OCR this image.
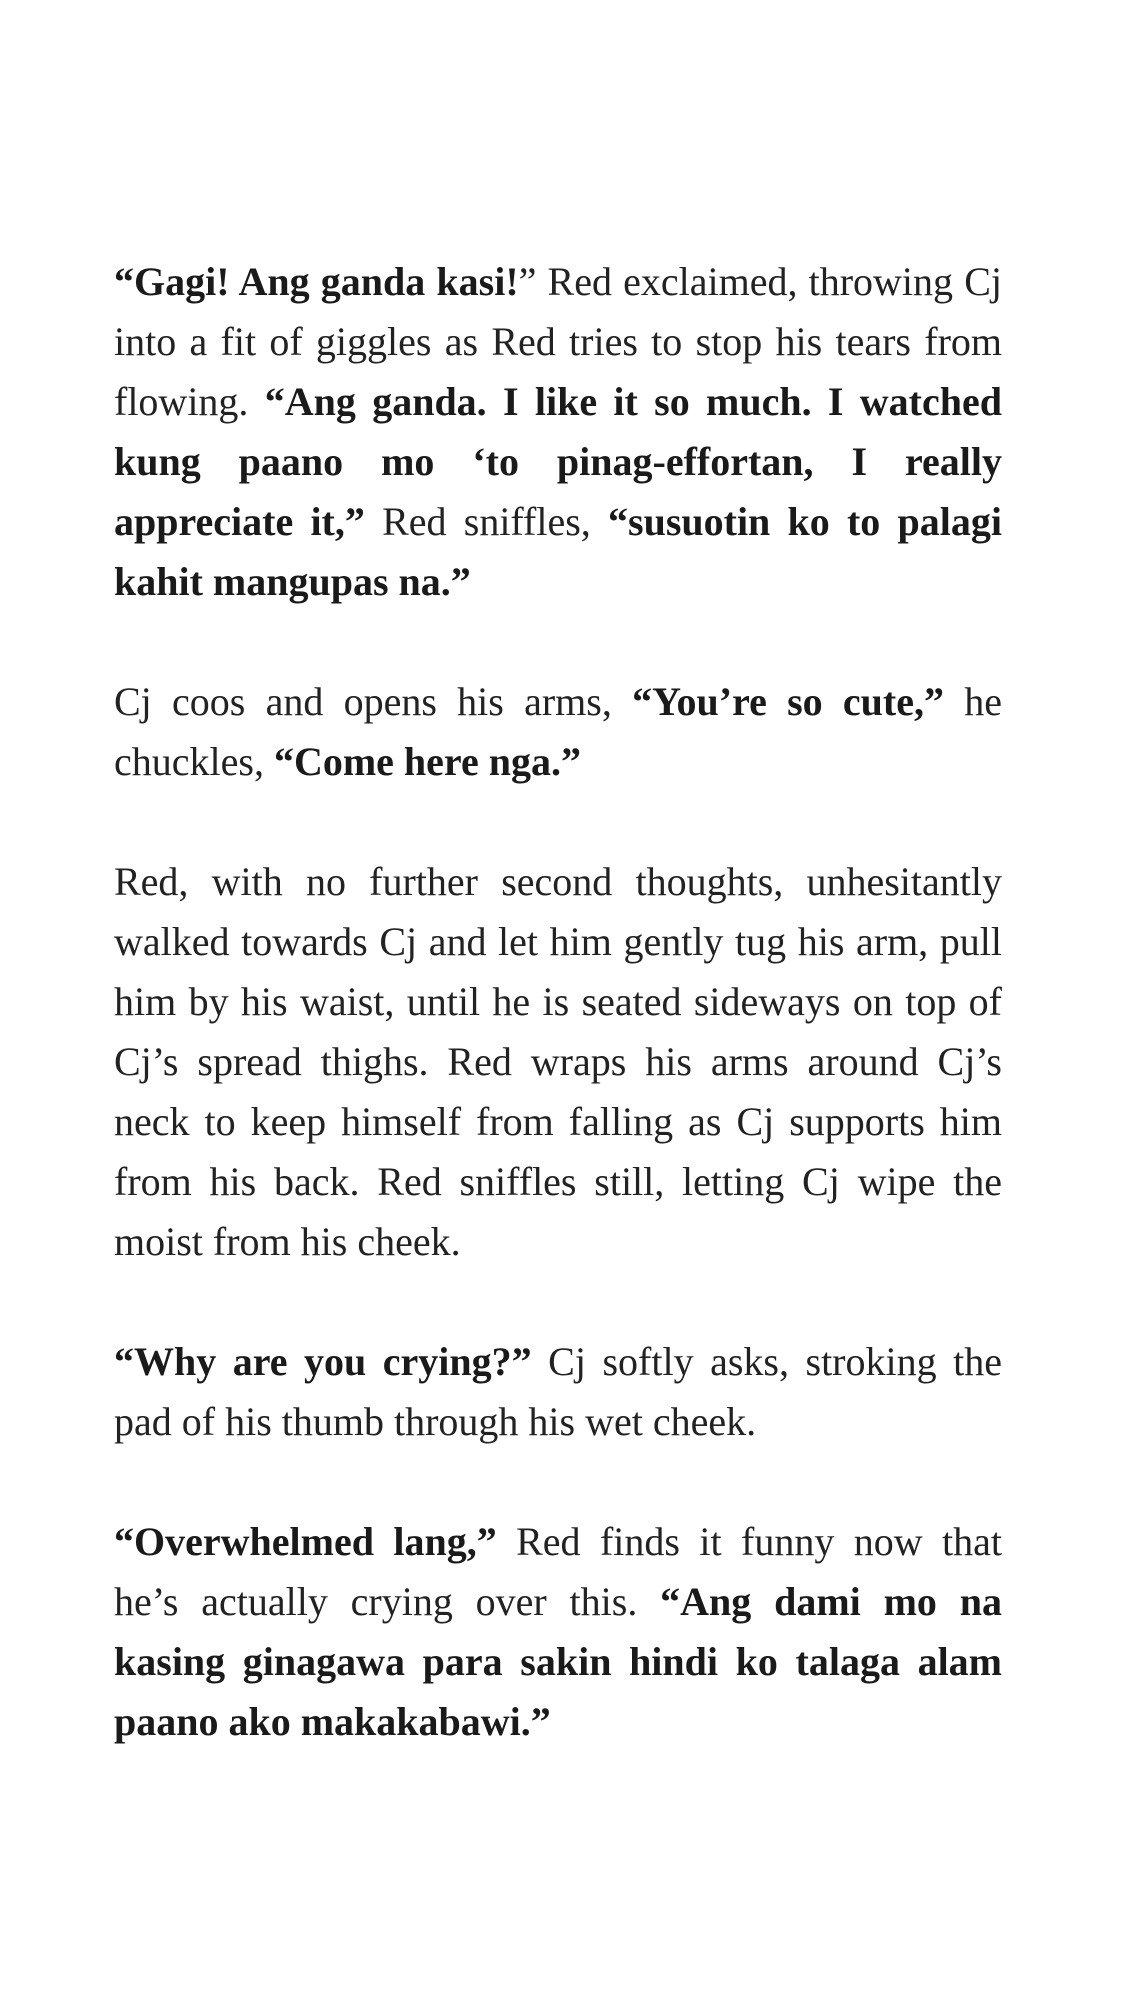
“Gagi! Ang ganda kasi!” Red exclaimed, throwing Cj into a fit of giggles as Red tries to stop his tears from flowing. “Ang ganda. I like it so much. I watched kung paano mo ‘to pinag-effortan, I really appreciate it,” Red sniffles, “susuotin ko to palagi kahit mangupas na.”

Cj coos and opens his arms, “You’re so cute,” he chuckles, “Come here nga.”

Red, with no further second thoughts, unhesitantly walked towards Cj and let him gently tug his arm, pull him by his waist, until he is seated sideways on top of Cj’s spread thighs. Red wraps his arms around Cj’s neck to keep himself from falling as Cj supports him from his back. Red sniffles still, letting Cj wipe the moist from his cheek.

“Why are you crying?” Cj softly asks, stroking the pad of his thumb through his wet cheek.

“Overwhelmed lang,” Red finds it funny now that he’s actually crying over this. “Ang dami mo na kasing ginagawa para sakin hindi ko talaga alam paano ako makakabawi.”
